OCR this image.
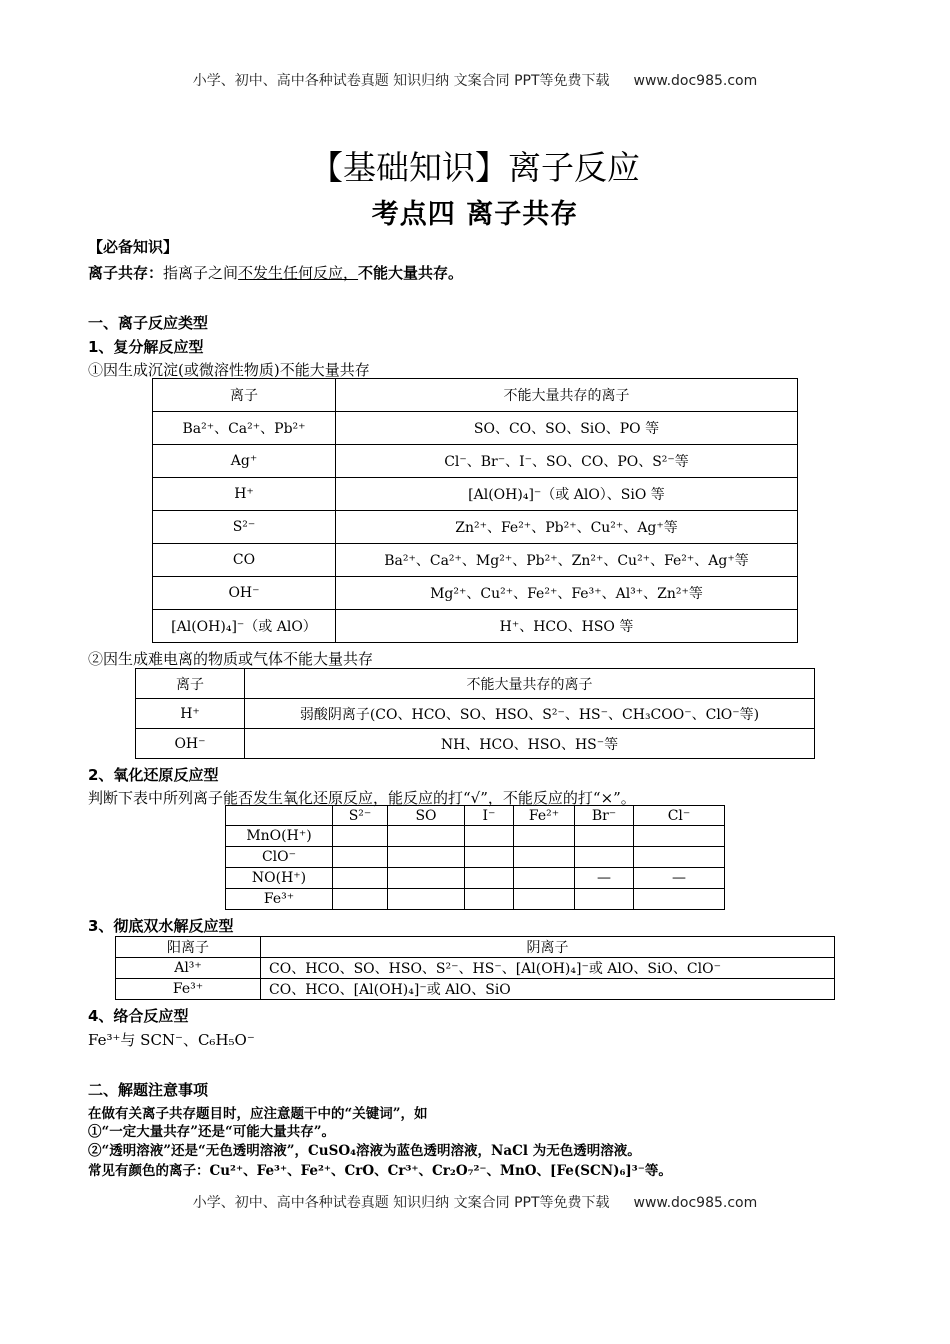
小学、初中、高中各种试卷真题 知识归纳 文案合同 PPT等免费下载 www.doc985.com
【基础知识】离子反应
考点四 离子共存
【必备知识】
离子共存：指离子之间不发生任何反应，不能大量共存。
一、离子反应类型
1、复分解反应型
①因生成沉淀(或微溶性物质)不能大量共存
离子	不能大量共存的离子
Ba²⁺、Ca²⁺、Pb²⁺	SO、CO、SO、SiO、PO 等
Ag⁺	Cl⁻、Br⁻、I⁻、SO、CO、PO、S²⁻等
H⁺	[Al(OH)₄]⁻（或 AlO）、SiO 等
S²⁻	Zn²⁺、Fe²⁺、Pb²⁺、Cu²⁺、Ag⁺等
CO	Ba²⁺、Ca²⁺、Mg²⁺、Pb²⁺、Zn²⁺、Cu²⁺、Fe²⁺、Ag⁺等
OH⁻	Mg²⁺、Cu²⁺、Fe²⁺、Fe³⁺、Al³⁺、Zn²⁺等
[Al(OH)₄]⁻（或 AlO）	H⁺、HCO、HSO 等
②因生成难电离的物质或气体不能大量共存
离子	不能大量共存的离子
H⁺	弱酸阴离子(CO、HCO、SO、HSO、S²⁻、HS⁻、CH₃COO⁻、ClO⁻等)
OH⁻	NH、HCO、HSO、HS⁻等
2、氧化还原反应型
判断下表中所列离子能否发生氧化还原反应，能反应的打“√”，不能反应的打“×”。
	S²⁻	SO	I⁻	Fe²⁺	Br⁻	Cl⁻
MnO(H⁺)						
ClO⁻						
NO(H⁺)					—	—
Fe³⁺						
3、彻底双水解反应型
阳离子	阴离子
Al³⁺	CO、HCO、SO、HSO、S²⁻、HS⁻、[Al(OH)₄]⁻或 AlO、SiO、ClO⁻
Fe³⁺	CO、HCO、[Al(OH)₄]⁻或 AlO、SiO
4、络合反应型
Fe³⁺与 SCN⁻、C₆H₅O⁻
二、解题注意事项
在做有关离子共存题目时，应注意题干中的“关键词”，如
①“一定大量共存”还是“可能大量共存”。
②“透明溶液”还是“无色透明溶液”，CuSO₄溶液为蓝色透明溶液，NaCl 为无色透明溶液。
常见有颜色的离子：Cu²⁺、Fe³⁺、Fe²⁺、CrO、Cr³⁺、Cr₂O₇²⁻、MnO、[Fe(SCN)₆]³⁻等。
小学、初中、高中各种试卷真题 知识归纳 文案合同 PPT等免费下载 www.doc985.com
